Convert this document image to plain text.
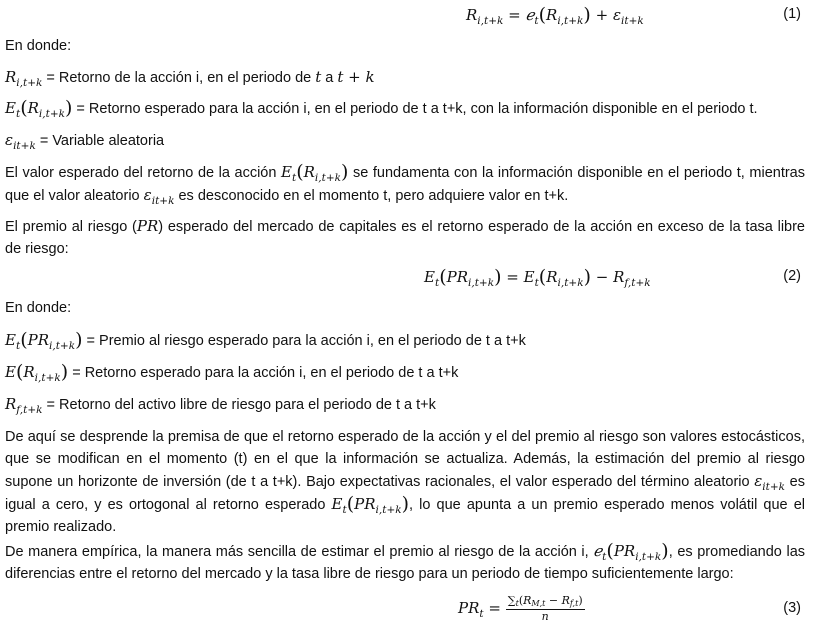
$R_{i,t+k}$ = $ℯ_t(R_{i,t+k}) + \varepsilon_{it+k}$	(1)
En donde:
$R_{i,t+k}$ = Retorno de la acción i, en el periodo de t a t + k
$E_t(R_{i,t+k})$ = Retorno esperado para la acción i, en el periodo de t a t+k, con la información disponible en el periodo t.
$\varepsilon_{it+k}$ = Variable aleatoria
El valor esperado del retorno de la acción $E_t(R_{i,t+k})$ se fundamenta con la información disponible en el periodo t, mientras que el valor aleatorio $\varepsilon_{it+k}$ es desconocido en el momento t, pero adquiere valor en t+k.
El premio al riesgo (PR) esperado del mercado de capitales es el retorno esperado de la acción en exceso de la tasa libre de riesgo:
$E_t(PR_{i,t+k}) = E_t(R_{i,t+k}) - R_{f,t+k}$	(2)
En donde:
$E_t(PR_{i,t+k})$ = Premio al riesgo esperado para la acción i, en el periodo de t a t+k
$E(R_{i,t+k})$ = Retorno esperado para la acción i, en el periodo de t a t+k
$R_{f,t+k}$ = Retorno del activo libre de riesgo para el periodo de t a t+k
De aquí se desprende la premisa de que el retorno esperado de la acción y el del premio al riesgo son valores estocásticos, que se modifican en el momento (t) en el que la información se actualiza. Además, la estimación del premio al riesgo supone un horizonte de inversión (de t a t+k). Bajo expectativas racionales, el valor esperado del término aleatorio $\varepsilon_{it+k}$ es igual a cero, y es ortogonal al retorno esperado $E_t(PR_{i,t+k})$, lo que apunta a un premio esperado menos volátil que el premio realizado.
De manera empírica, la manera más sencilla de estimar el premio al riesgo de la acción i, $ℯ_t(PR_{i,t+k})$, es promediando las diferencias entre el retorno del mercado y la tasa libre de riesgo para un periodo de tiempo suficientemente largo:
$PR_t = \frac{\sum_t(R_{M,t} - R_{f,t})}{n}$	(3)
